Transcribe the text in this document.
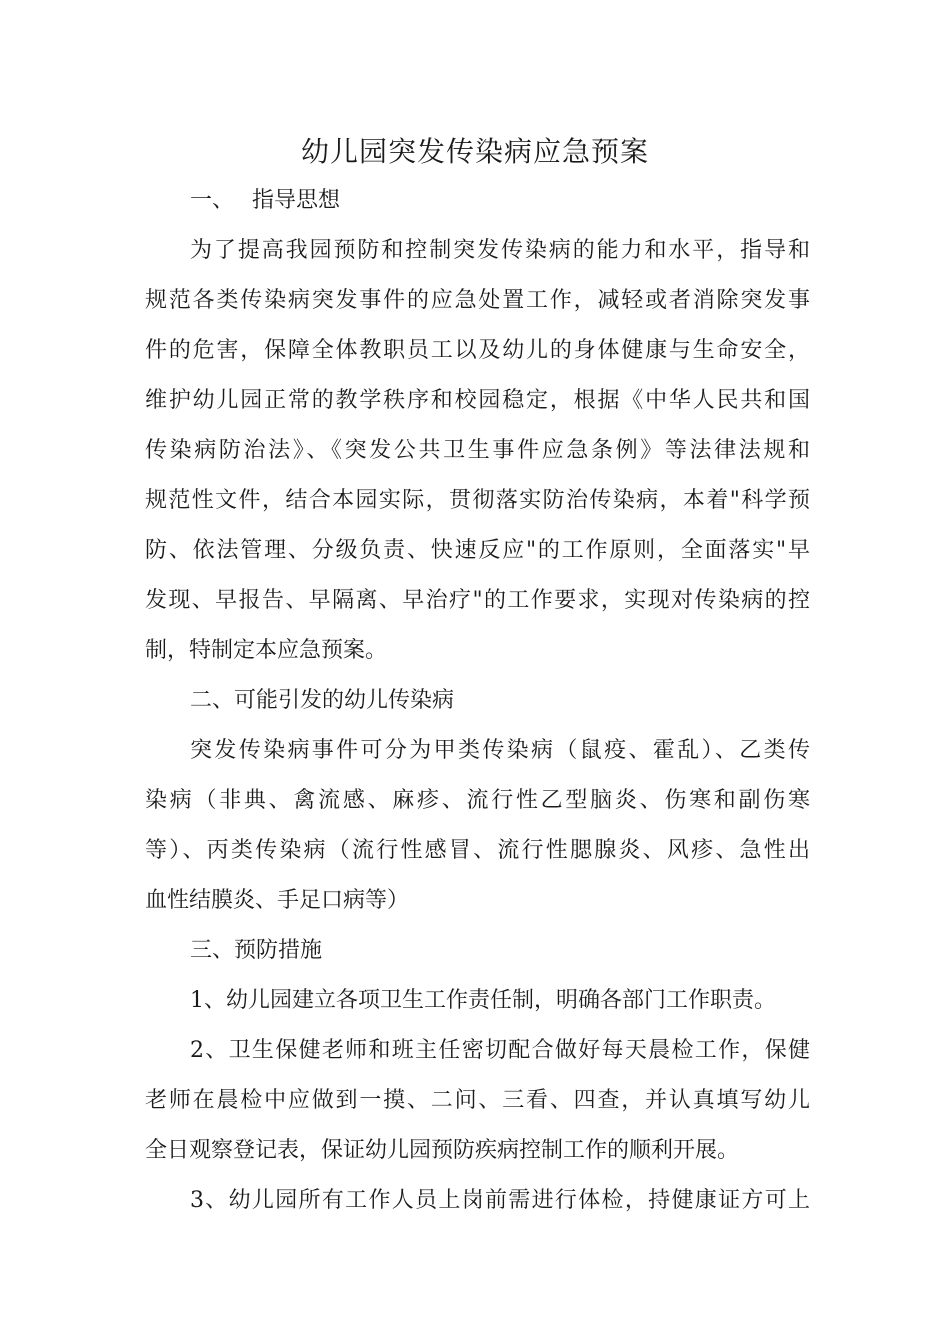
幼儿园突发传染病应急预案
一、 指导思想
为了提高我园预防和控制突发传染病的能力和水平，指导和
规范各类传染病突发事件的应急处置工作，减轻或者消除突发事
件的危害，保障全体教职员工以及幼儿的身体健康与生命安全，
维护幼儿园正常的教学秩序和校园稳定，根据《中华人民共和国
传染病防治法》、《突发公共卫生事件应急条例》等法律法规和
规范性文件，结合本园实际，贯彻落实防治传染病，本着"科学预
防、依法管理、分级负责、快速反应"的工作原则，全面落实"早
发现、早报告、早隔离、早治疗"的工作要求，实现对传染病的控
制，特制定本应急预案。
二、可能引发的幼儿传染病
突发传染病事件可分为甲类传染病（鼠疫、霍乱）、乙类传
染病（非典、禽流感、麻疹、流行性乙型脑炎、伤寒和副伤寒
等）、丙类传染病（流行性感冒、流行性腮腺炎、风疹、急性出
血性结膜炎、手足口病等）
三、预防措施
1、幼儿园建立各项卫生工作责任制，明确各部门工作职责。
2、卫生保健老师和班主任密切配合做好每天晨检工作，保健
老师在晨检中应做到一摸、二问、三看、四查，并认真填写幼儿
全日观察登记表，保证幼儿园预防疾病控制工作的顺利开展。
3、幼儿园所有工作人员上岗前需进行体检，持健康证方可上
